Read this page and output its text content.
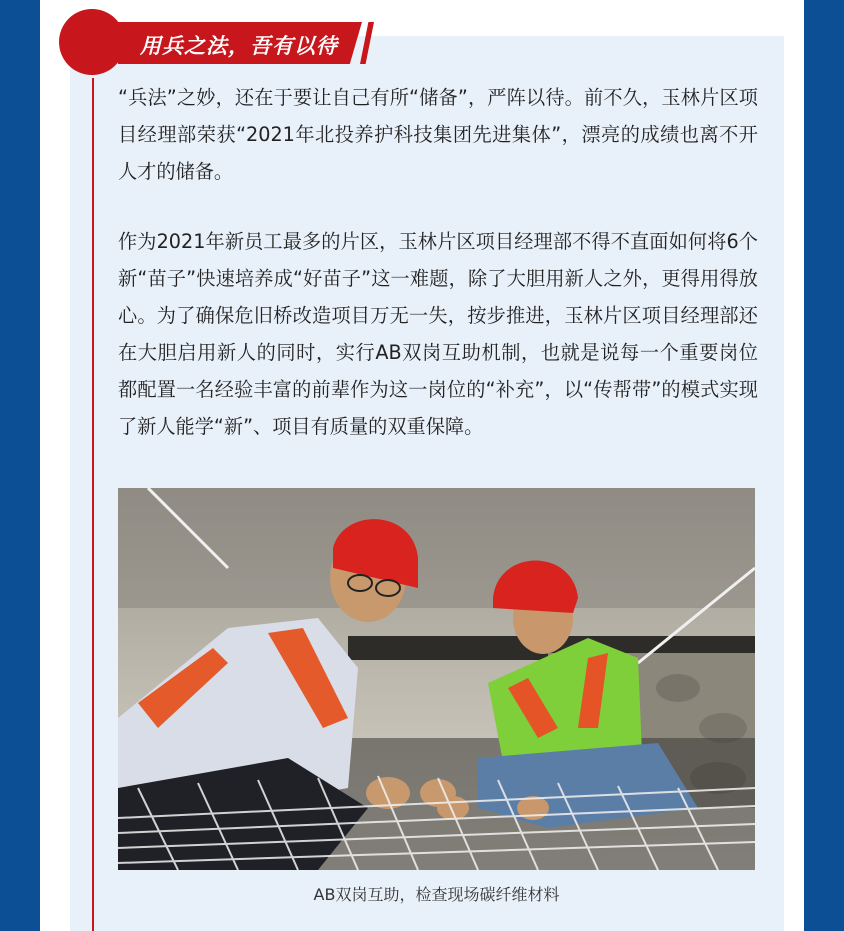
用兵之法，吾有以待

“兵法”之妙，还在于要让自己有所“储备”，严阵以待。前不久，玉林片区项目经理部荣获“2021年北投养护科技集团先进集体”，漂亮的成绩也离不开人才的储备。

作为2021年新员工最多的片区，玉林片区项目经理部不得不直面如何将6个新“苗子”快速培养成“好苗子”这一难题，除了大胆用新人之外，更得用得放心。为了确保危旧桥改造项目万无一失，按步推进，玉林片区项目经理部还在大胆启用新人的同时，实行AB双岗互助机制，也就是说每一个重要岗位都配置一名经验丰富的前辈作为这一岗位的“补充”，以“传帮带”的模式实现了新人能学“新”、项目有质量的双重保障。

AB双岗互助，检查现场碳纤维材料
